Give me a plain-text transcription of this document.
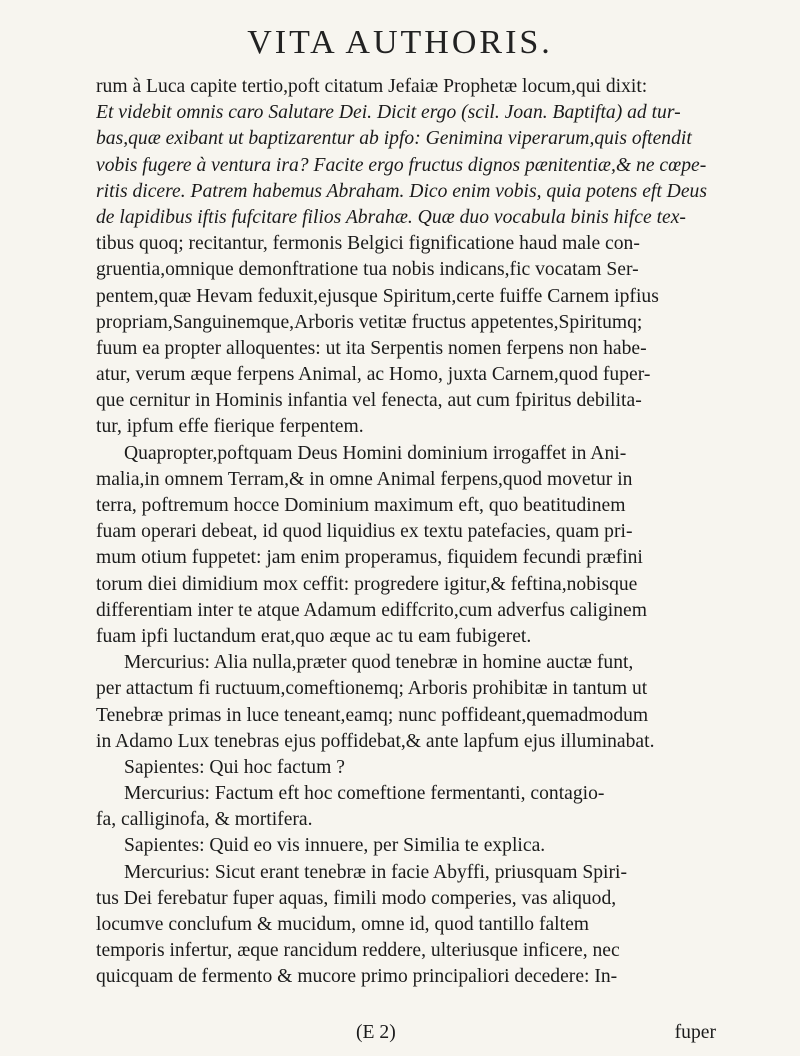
VITA AUTHORIS.
rum à Luca capite tertio,poft citatum Jefaiæ Prophetæ locum,qui dixit:
Et videbit omnis caro Salutare Dei. Dicit ergo (scil. Joan. Baptifta) ad tur-
bas,quæ exibant ut baptizarentur ab ipfo: Genimina viperarum,quis oftendit
vobis fugere à ventura ira? Facite ergo fructus dignos pænitentiæ,& ne cœpe-
ritis dicere. Patrem habemus Abraham. Dico enim vobis, quia potens eft Deus
de lapidibus iftis fufcitare filios Abrahæ. Quæ duo vocabula binis hifce tex-
tibus quoq; recitantur, fermonis Belgici fignificatione haud male con-
gruentia,omnique demonftratione tua nobis indicans,fic vocatam Ser-
pentem,quæ Hevam feduxit,ejusque Spiritum,certe fuiffe Carnem ipfius
propriam,Sanguinemque,Arboris vetitæ fructus appetentes,Spiritumq;
fuum ea propter alloquentes: ut ita Serpentis nomen ferpens non habe-
atur, verum æque ferpens Animal, ac Homo, juxta Carnem,quod fuper-
que cernitur in Hominis infantia vel fenecta, aut cum fpiritus debilita-
tur, ipfum effe fierique ferpentem.
Quapropter,poftquam Deus Homini dominium irrogaffet in Ani-
malia,in omnem Terram,& in omne Animal ferpens,quod movetur in
terra, poftremum hocce Dominium maximum eft, quo beatitudinem
fuam operari debeat, id quod liquidius ex textu patefacies, quam pri-
mum otium fuppetet: jam enim properamus, fiquidem fecundi præfini
torum diei dimidium mox ceffit: progredere igitur,& feftina,nobisque
differentiam inter te atque Adamum ediffcrito,cum adverfus caliginem
fuam ipfi luctandum erat,quo æque ac tu eam fubigeret.
Mercurius: Alia nulla,præter quod tenebræ in homine auctæ funt,
per attactum fi ructuum,comeftionemq; Arboris prohibitæ in tantum ut
Tenebræ primas in luce teneant,eamq; nunc poffideant,quemadmodum
in Adamo Lux tenebras ejus poffidebat,& ante lapfum ejus illuminabat.
Sapientes: Qui hoc factum ?
Mercurius: Factum eft hoc comeftione fermentanti, contagio-
fa, calliginofa, & mortifera.
Sapientes: Quid eo vis innuere, per Similia te explica.
Mercurius: Sicut erant tenebræ in facie Abyffi, priusquam Spiri-
tus Dei ferebatur fuper aquas, fimili modo comperies, vas aliquod,
locumve conclufum & mucidum, omne id, quod tantillo faltem
temporis infertur, æque rancidum reddere, ulteriusque inficere, nec
quicquam de fermento & mucore primo principaliori decedere: In-
(E 2)	fuper
